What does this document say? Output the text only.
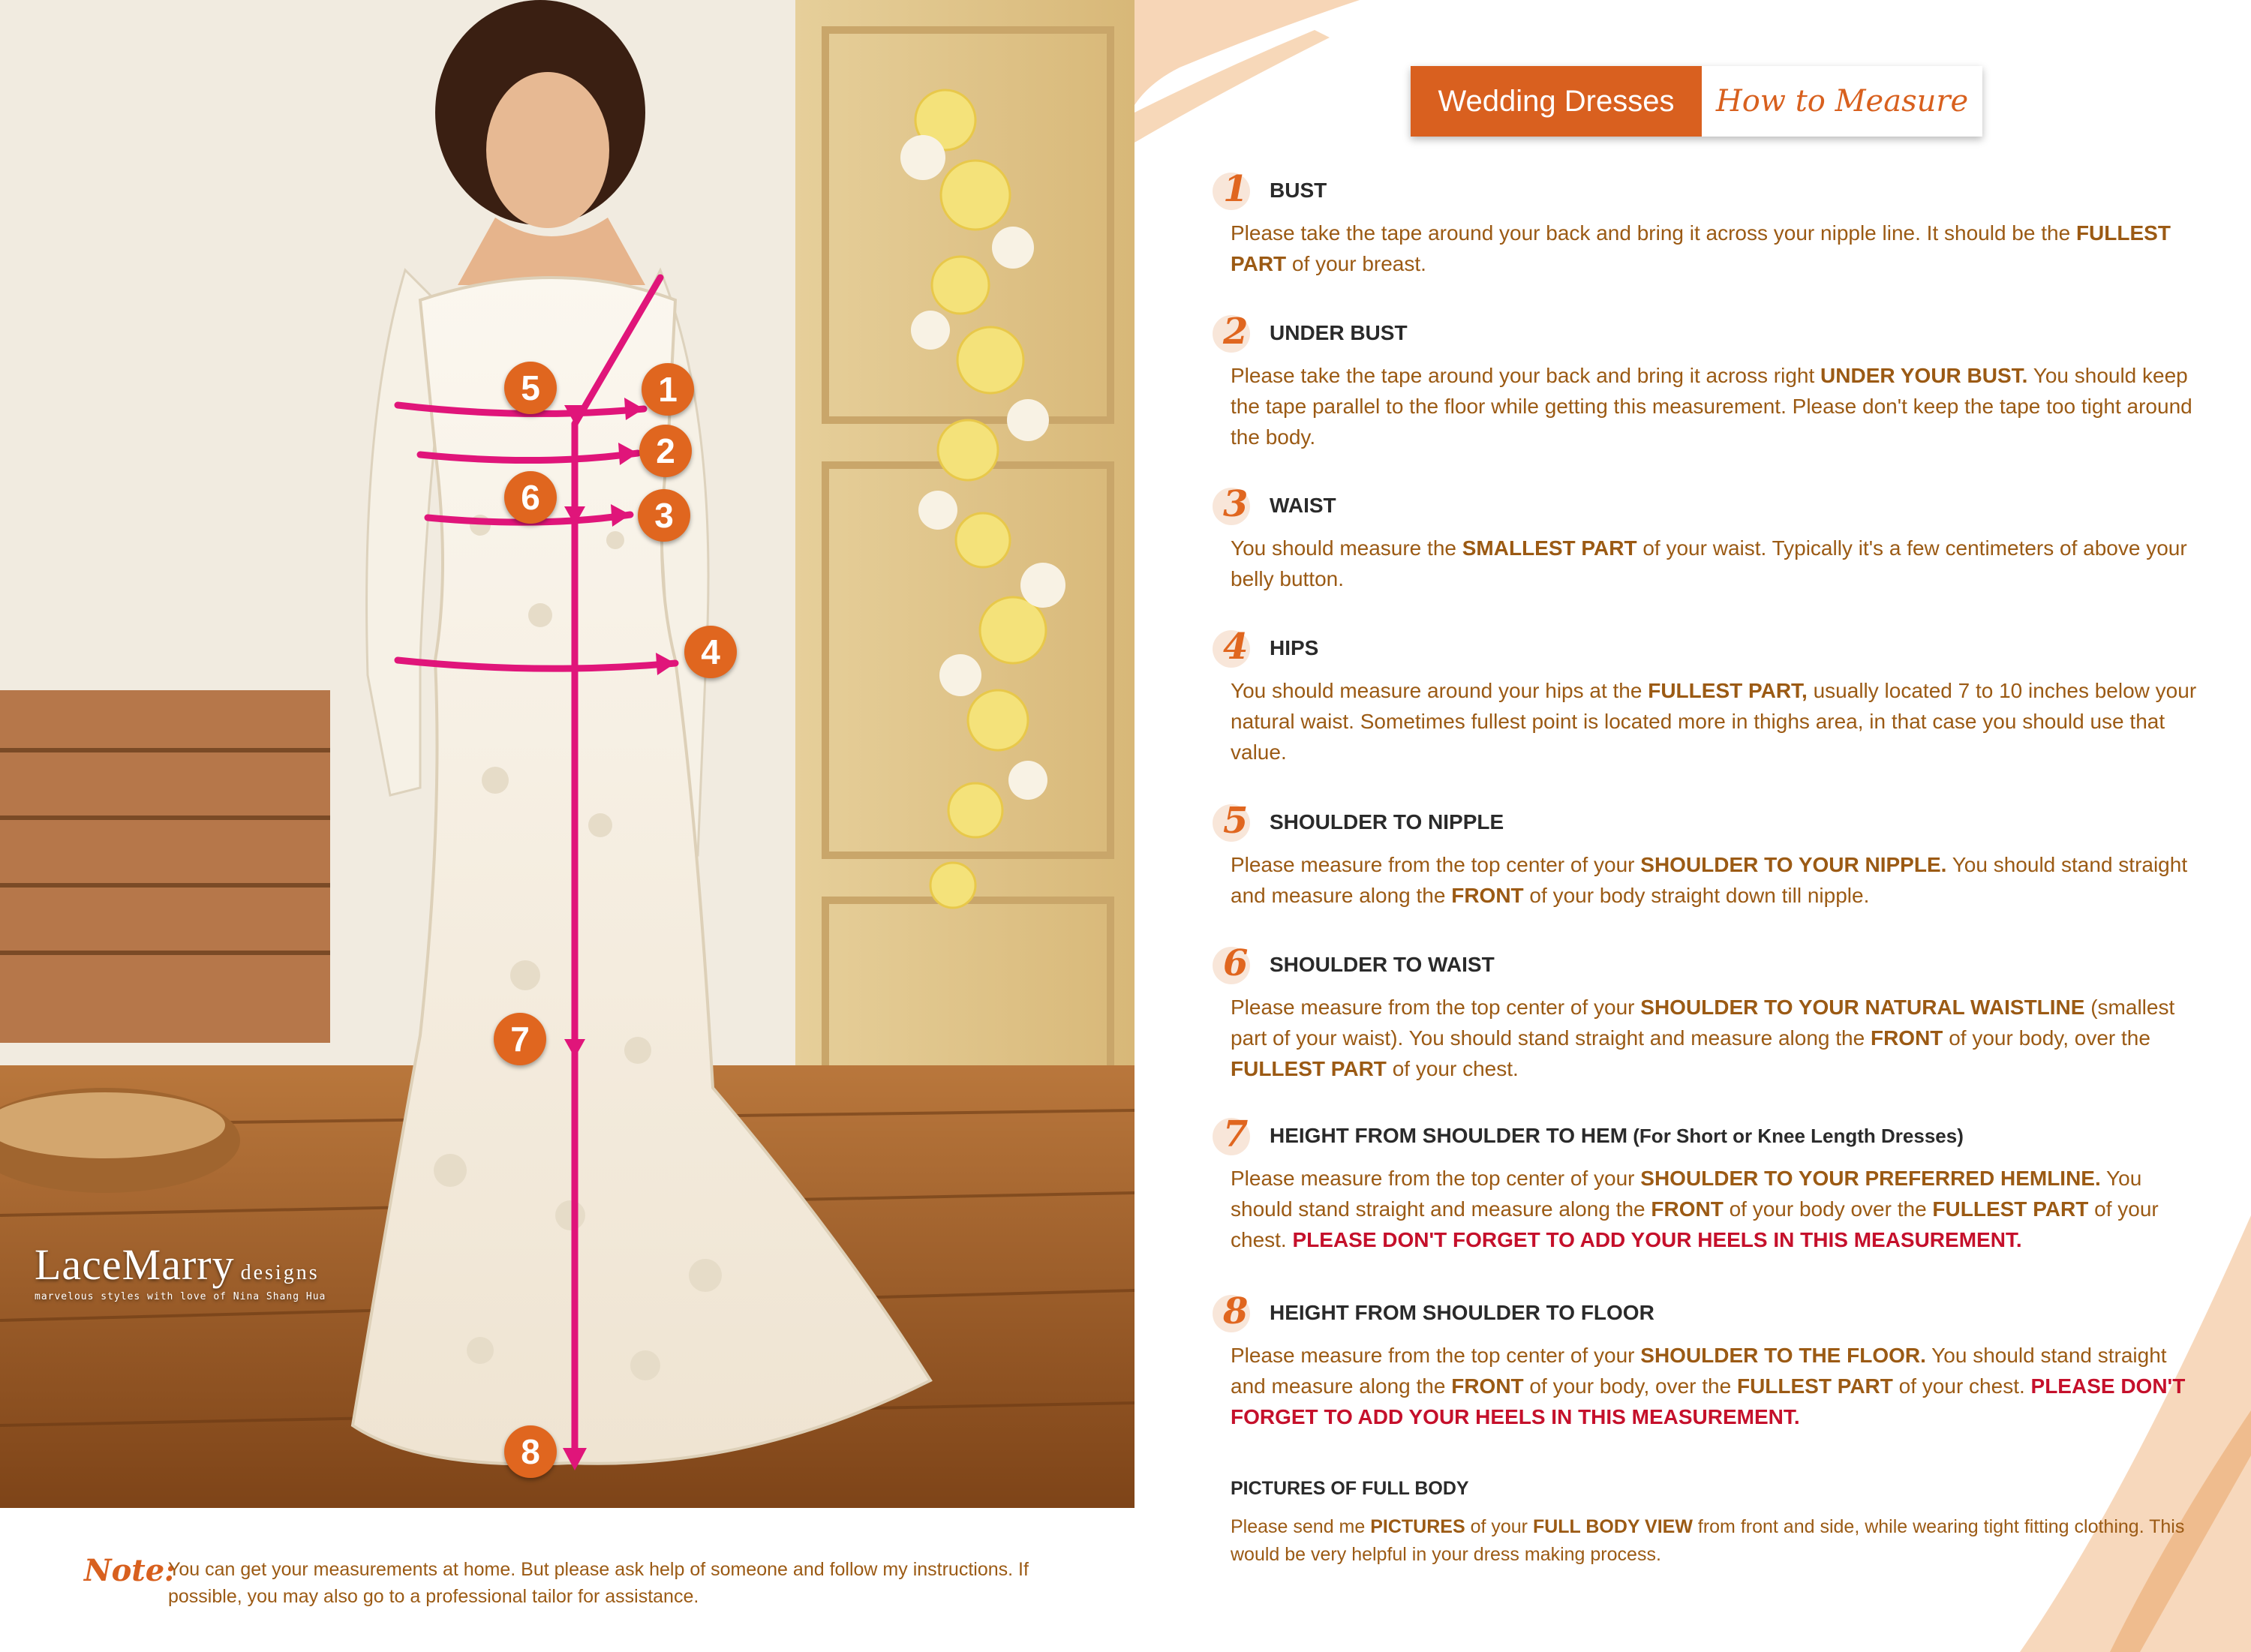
1
2
3
4
5
6
7
8
LaceMarry designs
marvelous styles with love of Nina Shang Hua
Note:
You can get your measurements at home. But please ask help of someone and follow my instructions. If possible, you may also go to a professional tailor for assistance.
Wedding Dresses	How to Measure
1 BUST
Please take the tape around your back and bring it across your nipple line. It should be the FULLEST PART of your breast.
2 UNDER BUST
Please take the tape around your back and bring it across right UNDER YOUR BUST. You should keep the tape parallel to the floor while getting this measurement. Please don't keep the tape too tight around the body.
3 WAIST
You should measure the SMALLEST PART of your waist. Typically it's a few centimeters of above your belly button.
4 HIPS
You should measure around your hips at the FULLEST PART, usually located 7 to 10 inches below your natural waist. Sometimes fullest point is located more in thighs area, in that case you should use that value.
5 SHOULDER TO NIPPLE
Please measure from the top center of your SHOULDER TO YOUR NIPPLE. You should stand straight and measure along the FRONT of your body straight down till nipple.
6 SHOULDER TO WAIST
Please measure from the top center of your SHOULDER TO YOUR NATURAL WAISTLINE (smallest part of your waist). You should stand straight and measure along the FRONT of your body, over the FULLEST PART of your chest.
7 HEIGHT FROM SHOULDER TO HEM (For Short or Knee Length Dresses)
Please measure from the top center of your SHOULDER TO YOUR PREFERRED HEMLINE. You should stand straight and measure along the FRONT of your body over the FULLEST PART of your chest. PLEASE DON'T FORGET TO ADD YOUR HEELS IN THIS MEASUREMENT.
8 HEIGHT FROM SHOULDER TO FLOOR
Please measure from the top center of your SHOULDER TO THE FLOOR. You should stand straight and measure along the FRONT of your body, over the FULLEST PART of your chest. PLEASE DON'T FORGET TO ADD YOUR HEELS IN THIS MEASUREMENT.
PICTURES OF FULL BODY
Please send me PICTURES of your FULL BODY VIEW from front and side, while wearing tight fitting clothing. This would be very helpful in your dress making process.
